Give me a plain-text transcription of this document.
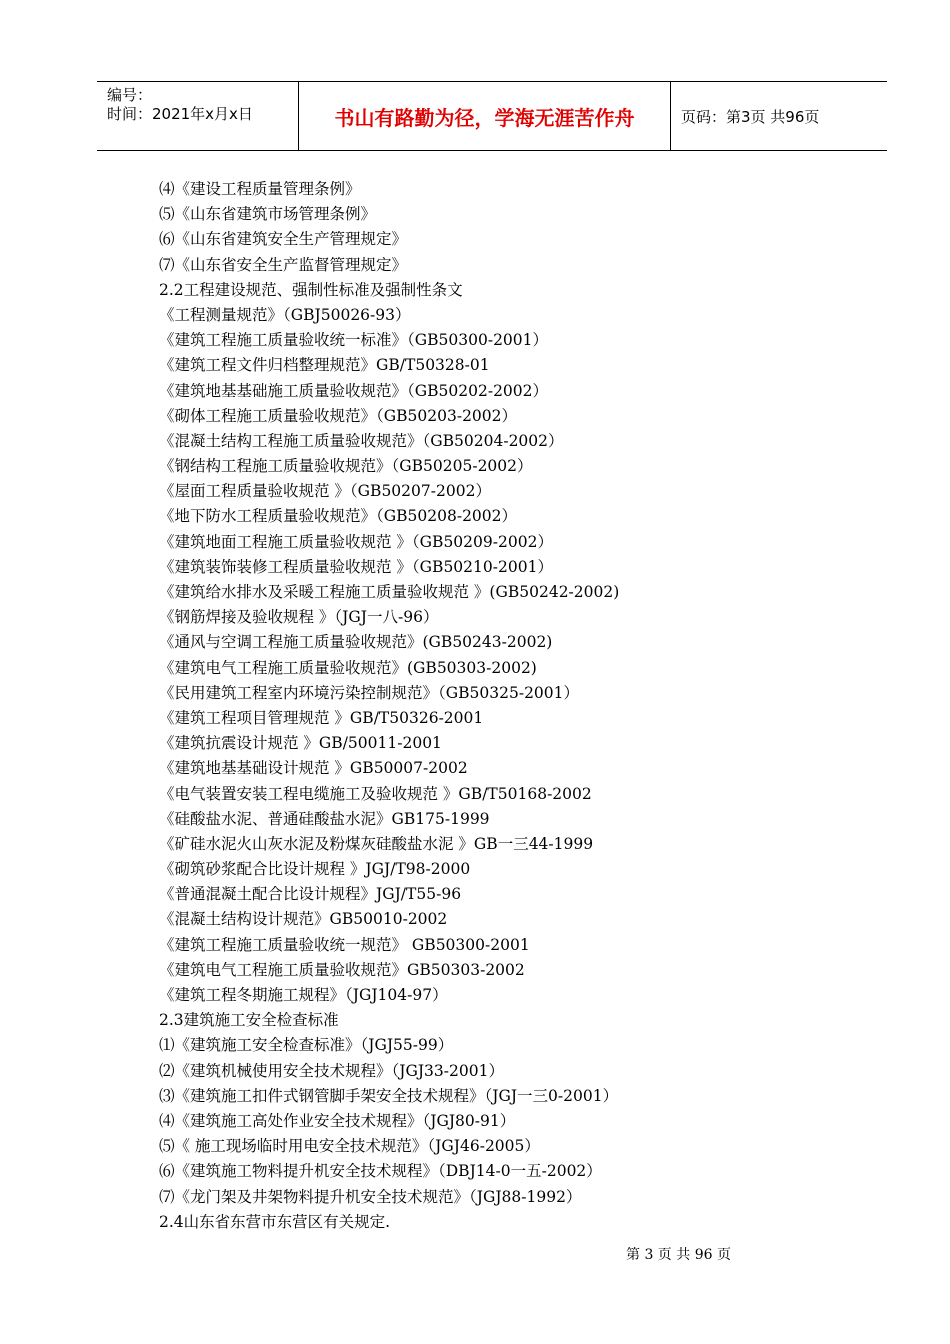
编号：
时间：2021年x月x日	书山有路勤为径，学海无涯苦作舟	页码：第3页 共96页
⑷《建设工程质量管理条例》
⑸《山东省建筑市场管理条例》
⑹《山东省建筑安全生产管理规定》
⑺《山东省安全生产监督管理规定》
2.2工程建设规范、强制性标准及强制性条文
《工程测量规范》（GBJ50026-93）
《建筑工程施工质量验收统一标准》（GB50300-2001）
《建筑工程文件归档整理规范》GB/T50328-01
《建筑地基基础施工质量验收规范》（GB50202-2002）
《砌体工程施工质量验收规范》（GB50203-2002）
《混凝土结构工程施工质量验收规范》（GB50204-2002）
《钢结构工程施工质量验收规范》（GB50205-2002）
《屋面工程质量验收规范 》（GB50207-2002）
《地下防水工程质量验收规范》（GB50208-2002）
《建筑地面工程施工质量验收规范 》（GB50209-2002）
《建筑装饰装修工程质量验收规范 》（GB50210-2001）
《建筑给水排水及采暖工程施工质量验收规范 》(GB50242-2002)
《钢筋焊接及验收规程 》（JGJ一八-96）
《通风与空调工程施工质量验收规范》(GB50243-2002)
《建筑电气工程施工质量验收规范》(GB50303-2002)
《民用建筑工程室内环境污染控制规范》（GB50325-2001）
《建筑工程项目管理规范 》GB/T50326-2001
《建筑抗震设计规范 》GB/50011-2001
《建筑地基基础设计规范 》GB50007-2002
《电气装置安装工程电缆施工及验收规范 》GB/T50168-2002
《硅酸盐水泥、普通硅酸盐水泥》GB175-1999
《矿硅水泥火山灰水泥及粉煤灰硅酸盐水泥 》GB一三44-1999
《砌筑砂浆配合比设计规程 》JGJ/T98-2000
《普通混凝土配合比设计规程》JGJ/T55-96
《混凝土结构设计规范》GB50010-2002
《建筑工程施工质量验收统一规范》 GB50300-2001
《建筑电气工程施工质量验收规范》GB50303-2002
《建筑工程冬期施工规程》（JGJ104-97）
2.3建筑施工安全检查标准
⑴《建筑施工安全检查标准》（JGJ55-99）
⑵《建筑机械使用安全技术规程》（JGJ33-2001）
⑶《建筑施工扣件式钢管脚手架安全技术规程》（JGJ一三0-2001）
⑷《建筑施工高处作业安全技术规程》（JGJ80-91）
⑸《 施工现场临时用电安全技术规范》（JGJ46-2005）
⑹《建筑施工物料提升机安全技术规程》（DBJ14-0一五-2002）
⑺《龙门架及井架物料提升机安全技术规范》（JGJ88-1992）
2.4山东省东营市东营区有关规定.
第 3 页 共 96 页
